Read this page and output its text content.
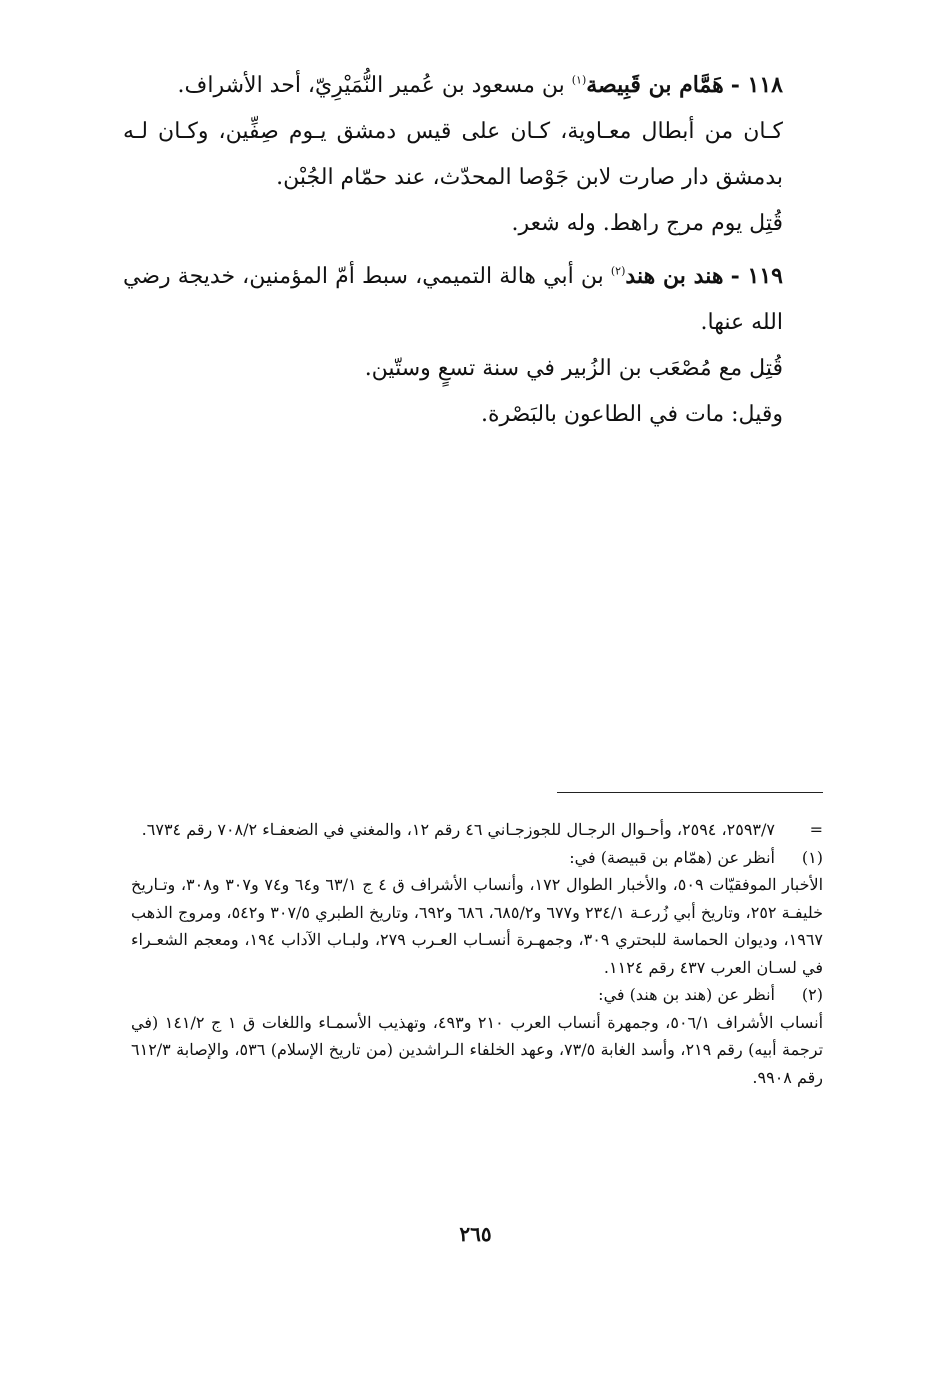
١١٨ - هَمَّام بن قَبِيصة$^{(١)}$ بن مسعود بن عُمير النُّمَيْرِيّ، أحد الأشراف.

كـان من أبطال معـاوية، كـان على قيس دمشق يـوم صِفِّين، وكـان لـه بدمشق دار صارت لابن جَوْصا المحدّث، عند حمّام الجُبْن.

قُتِل يوم مرج راهط. وله شعر.

١١٩ - هند بن هند$^{(٢)}$ بن أبي هالة التميمي، سبط أمّ المؤمنين، خديجة رضي الله عنها.

قُتِل مع مُصْعَب بن الزُبير في سنة تسعٍ وستّين.

وقيل: مات في الطاعون بالبَصْرة.

=
٢٥٩٣/٧، ٢٥٩٤، وأحـوال الرجـال للجوزجـاني ٤٦ رقم ١٢، والمغني في الضعفـاء ٧٠٨/٢ رقم ٦٧٣٤.
(١)
أنظر عن (همّام بن قبيصة) في:

الأخبار الموفقيّات ٥٠٩، والأخبار الطوال ١٧٢، وأنساب الأشراف ق ٤ ج ٦٣/١ و٦٤ و٧٤ و٣٠٧ و٣٠٨، وتـاريخ خليفـة ٢٥٢، وتاريخ أبي زُرعـة ٢٣٤/١ و٦٧٧ و٦٨٥/٢، ٦٨٦ و٦٩٢، وتاريخ الطبري ٣٠٧/٥ و٥٤٢، ومروج الذهب ١٩٦٧، وديوان الحماسة للبحتري ٣٠٩، وجمهـرة أنسـاب العـرب ٢٧٩، ولبـاب الآداب ١٩٤، ومعجم الشعـراء في لسـان العرب ٤٣٧ رقم ١١٢٤.

(٢)
أنظر عن (هند بن هند) في:

أنساب الأشراف ٥٠٦/١، وجمهرة أنساب العرب ٢١٠ و٤٩٣، وتهذيب الأسمـاء واللغات ق ١ ج ١٤١/٢ (في ترجمة أبيه) رقم ٢١٩، وأسد الغابة ٧٣/٥، وعهد الخلفاء الـراشدين (من تاريخ الإسلام) ٥٣٦، والإصابة ٦١٢/٣ رقم ٩٩٠٨.

٢٦٥
